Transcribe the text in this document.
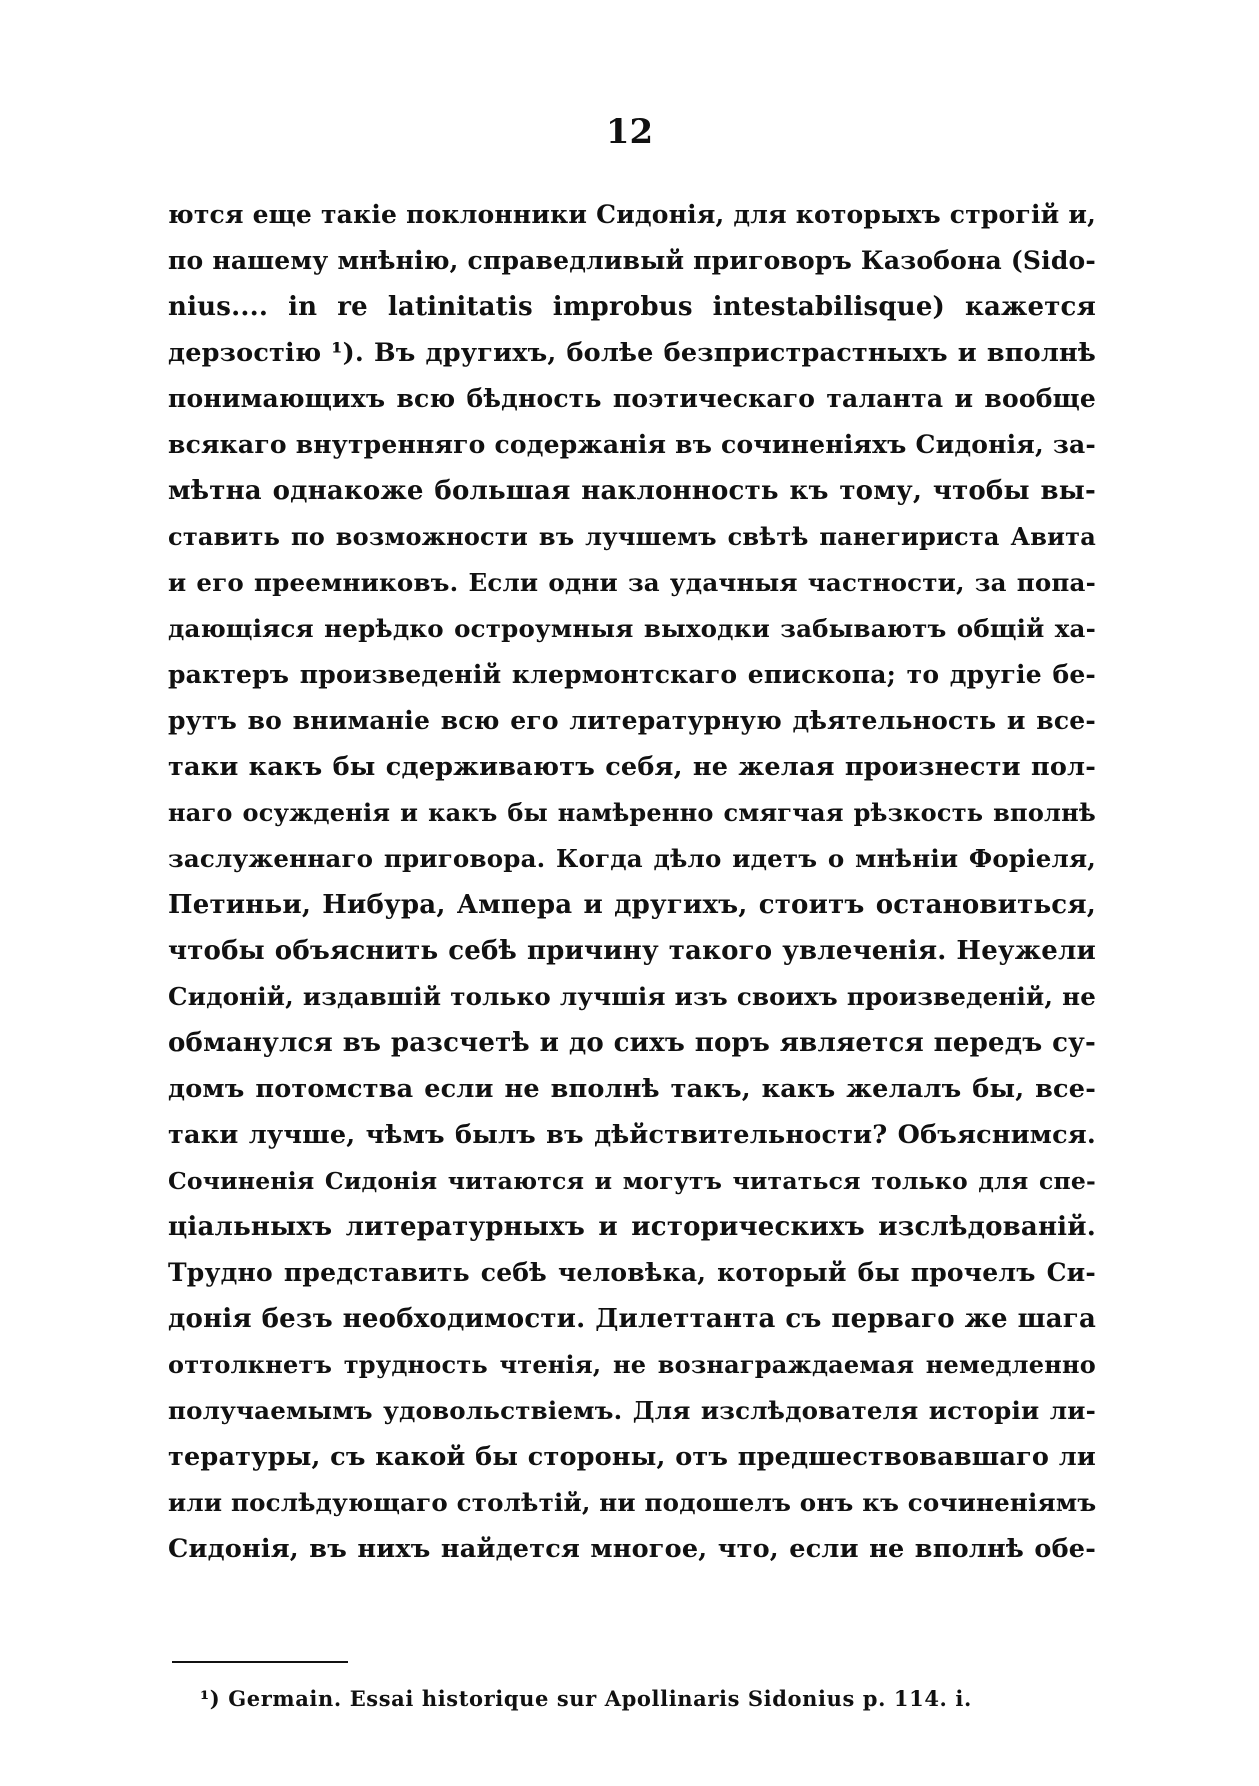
12
ются еще такіе поклонники Сидонія, для которыхъ строгій и,
по нашему мнѣнію, справедливый приговоръ Казобона (Sido-
nius.... in re latinitatis improbus intestabilisque) кажется
дерзостію ¹). Въ другихъ, болѣе безпристрастныхъ и вполнѣ
понимающихъ всю бѣдность поэтическаго таланта и вообще
всякаго внутренняго содержанія въ сочиненіяхъ Сидонія, за-
мѣтна однакоже большая наклонность къ тому, чтобы вы-
ставить по возможности въ лучшемъ свѣтѣ панегириста Авита
и его преемниковъ. Если одни за удачныя частности, за попа-
дающіяся нерѣдко остроумныя выходки забываютъ общій ха-
рактеръ произведеній клермонтскаго епископа; то другіе бе-
рутъ во вниманіе всю его литературную дѣятельность и все-
таки какъ бы сдерживаютъ себя, не желая произнести пол-
наго осужденія и какъ бы намѣренно смягчая рѣзкость вполнѣ
заслуженнаго приговора. Когда дѣло идетъ о мнѣніи Форіеля,
Петиньи, Нибура, Ампера и другихъ, стоитъ остановиться,
чтобы объяснить себѣ причину такого увлеченія. Неужели
Сидоній, издавшій только лучшія изъ своихъ произведеній, не
обманулся въ разсчетѣ и до сихъ поръ является передъ су-
домъ потомства если не вполнѣ такъ, какъ желалъ бы, все-
таки лучше, чѣмъ былъ въ дѣйствительности? Объяснимся.
Сочиненія Сидонія читаются и могутъ читаться только для спе-
ціальныхъ литературныхъ и историческихъ изслѣдованій.
Трудно представить себѣ человѣка, который бы прочелъ Си-
донія безъ необходимости. Дилеттанта съ перваго же шага
оттолкнетъ трудность чтенія, не вознаграждаемая немедленно
получаемымъ удовольствіемъ. Для изслѣдователя исторіи ли-
тературы, съ какой бы стороны, отъ предшествовавшаго ли
или послѣдующаго столѣтій, ни подошелъ онъ къ сочиненіямъ
Сидонія, въ нихъ найдется многое, что, если не вполнѣ обе-
¹) Germain. Essai historique sur Apollinaris Sidonius p. 114. i.
